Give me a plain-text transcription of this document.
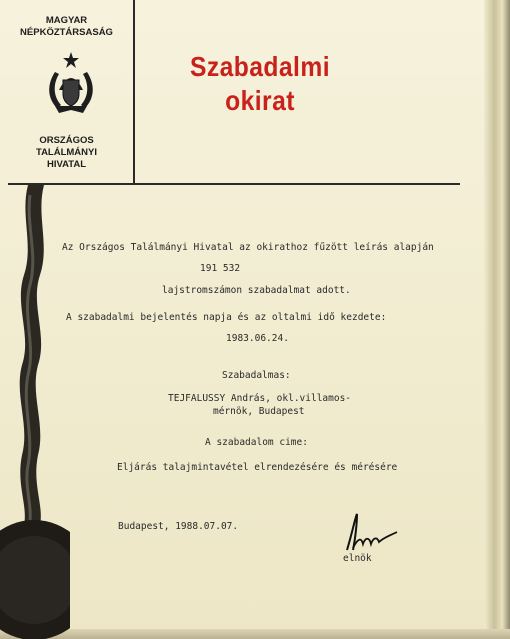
MAGYAR
NÉPKÖZTÁRSASÁG
ORSZÁGOS
TALÁLMÁNYI
HIVATAL
Szabadalmi
okirat
Az Országos Találmányi Hivatal az okirathoz fűzött leírás alapján
191 532
lajstromszámon szabadalmat adott.
A szabadalmi bejelentés napja és az oltalmi idő kezdete:
1983.06.24.
Szabadalmas:
TEJFALUSSY András, okl.villamos-
mérnök, Budapest
A szabadalom cime:
Eljárás talajmintavétel elrendezésére és mérésére
Budapest, 1988.07.07.
elnök
